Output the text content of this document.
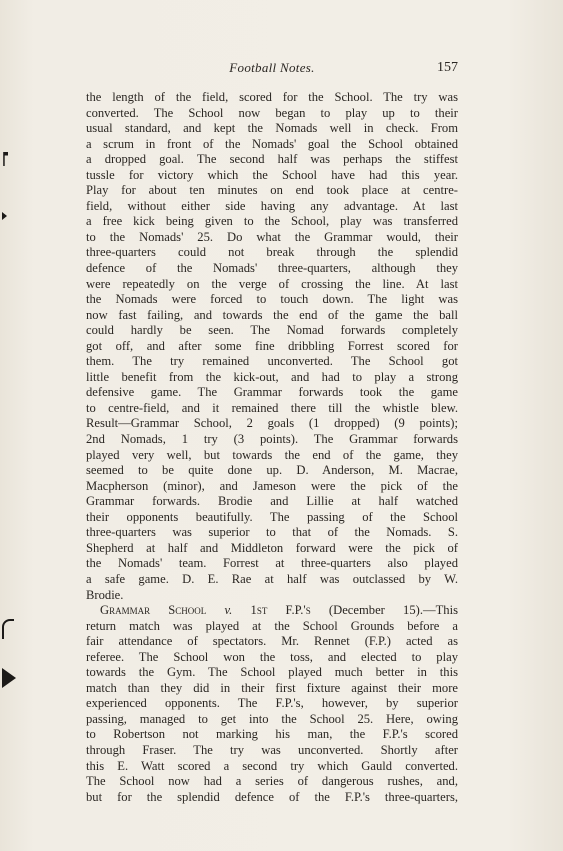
Football Notes.	157
the length of the field, scored for the School. The try was
converted. The School now began to play up to their
usual standard, and kept the Nomads well in check. From
a scrum in front of the Nomads' goal the School obtained
a dropped goal. The second half was perhaps the stiffest
tussle for victory which the School have had this year.
Play for about ten minutes on end took place at centre-
field, without either side having any advantage. At last
a free kick being given to the School, play was transferred
to the Nomads' 25. Do what the Grammar would, their
three-quarters could not break through the splendid
defence of the Nomads' three-quarters, although they
were repeatedly on the verge of crossing the line. At last
the Nomads were forced to touch down. The light was
now fast failing, and towards the end of the game the ball
could hardly be seen. The Nomad forwards completely
got off, and after some fine dribbling Forrest scored for
them. The try remained unconverted. The School got
little benefit from the kick-out, and had to play a strong
defensive game. The Grammar forwards took the game
to centre-field, and it remained there till the whistle blew.
Result—Grammar School, 2 goals (1 dropped) (9 points);
2nd Nomads, 1 try (3 points). The Grammar forwards
played very well, but towards the end of the game, they
seemed to be quite done up. D. Anderson, M. Macrae,
Macpherson (minor), and Jameson were the pick of the
Grammar forwards. Brodie and Lillie at half watched
their opponents beautifully. The passing of the School
three-quarters was superior to that of the Nomads. S.
Shepherd at half and Middleton forward were the pick of
the Nomads' team. Forrest at three-quarters also played
a safe game. D. E. Rae at half was outclassed by W.
Brodie.
Grammar School v. 1st F.P.'s (December 15).—This
return match was played at the School Grounds before a
fair attendance of spectators. Mr. Rennet (F.P.) acted as
referee. The School won the toss, and elected to play
towards the Gym. The School played much better in this
match than they did in their first fixture against their more
experienced opponents. The F.P.'s, however, by superior
passing, managed to get into the School 25. Here, owing
to Robertson not marking his man, the F.P.'s scored
through Fraser. The try was unconverted. Shortly after
this E. Watt scored a second try which Gauld converted.
The School now had a series of dangerous rushes, and,
but for the splendid defence of the F.P.'s three-quarters,
